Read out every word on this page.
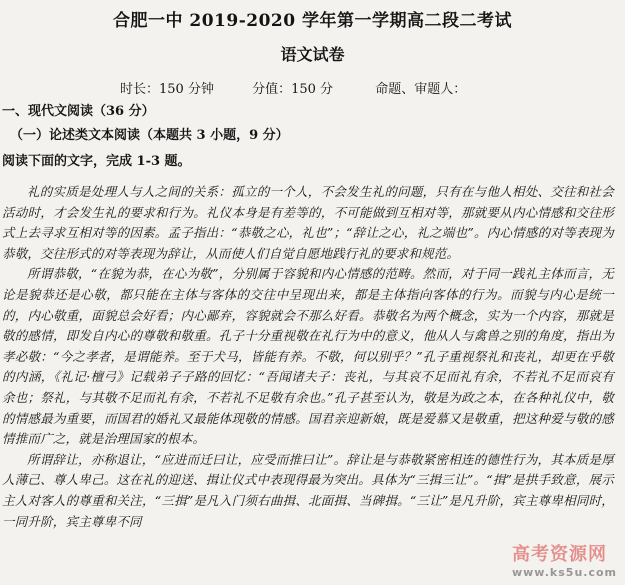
合肥一中 2019-2020 学年第一学期高二段二考试
语文试卷
时长：150 分钟	分值：150 分	命题、审题人：
一、现代文阅读（36 分）
（一）论述类文本阅读（本题共 3 小题，9 分）
阅读下面的文字，完成 1-3 题。

礼的实质是处理人与人之间的关系：孤立的一个人，不会发生礼的问题，只有在与他人相处、交往和社会活动时，才会发生礼的要求和行为。礼仪本身是有差等的，不可能做到互相对等，那就要从内心情感和交往形式上去寻求互相对等的因素。孟子指出：“恭敬之心，礼也”；“辞让之心，礼之端也”。内心情感的对等表现为恭敬，交往形式的对等表现为辞让，从而使人们自觉自愿地践行礼的要求和规范。

所谓恭敬，“在貌为恭，在心为敬”，分别属于容貌和内心情感的范畴。然而，对于同一践礼主体而言，无论是貌恭还是心敬，都只能在主体与客体的交往中呈现出来，都是主体指向客体的行为。而貌与内心是统一的，内心敬重，面貌总会好看；内心鄙弃，容貌就会不那么好看。恭敬名为两个概念，实为一个内容，那就是敬的感情，即发自内心的尊敬和敬重。孔子十分重视敬在礼行为中的意义，他从人与禽兽之别的角度，指出为孝必敬：“今之孝者，是谓能养。至于犬马，皆能有养。不敬，何以别乎？”孔子重视祭礼和丧礼，却更在乎敬的内涵，《礼记·檀弓》记载弟子子路的回忆：“吾闻诸夫子：丧礼，与其哀不足而礼有余，不若礼不足而哀有余也；祭礼，与其敬不足而礼有余，不若礼不足敬有余也。”孔子甚至认为，敬是为政之本，在各种礼仪中，敬的情感最为重要，而国君的婚礼又最能体现敬的情感。国君亲迎新娘，既是爱慕又是敬重，把这种爱与敬的感情推而广之，就是治理国家的根本。

所谓辞让，亦称退让，“应进而迁曰让，应受而推曰让”。辞让是与恭敬紧密相连的德性行为，其本质是厚人薄己、尊人卑己。这在礼的迎送、揖让仪式中表现得最为突出。具体为“三揖三让”。“揖”是拱手致意，展示主人对客人的尊重和关注，“三揖”是凡入门须右曲揖、北面揖、当碑揖。“三让”是凡升阶，宾主尊卑相同时，一同升阶，宾主尊卑不同

高考资源网
www.ks5u.com
